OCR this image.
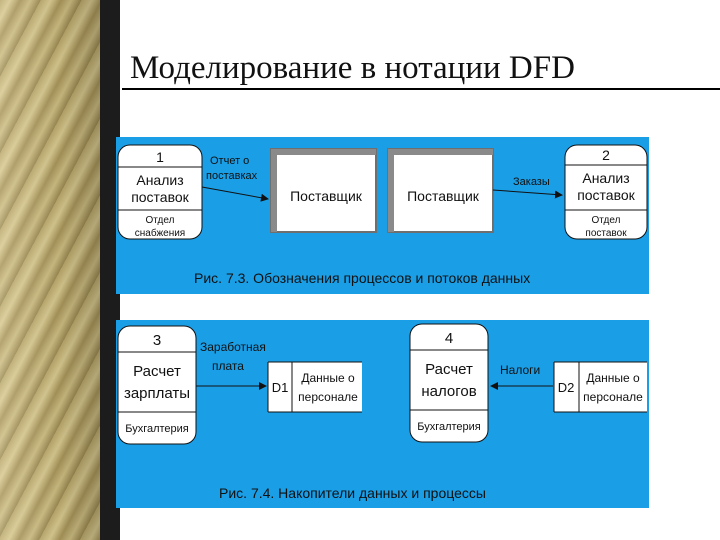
Моделирование в нотации DFD
1
Анализ
поставок
Отдел
снабжения
Отчет о
поставках
Поставщик	Поставщик
Заказы
2
Анализ
поставок
Отдел
поставок
Рис. 7.3. Обозначения процессов и потоков данных
3
Расчет
зарплаты
Бухгалтерия
Заработная
плата
D1
Данные о
персонале
4
Расчет
налогов
Бухгалтерия
Налоги
D2
Данные о
персонале
Рис. 7.4. Накопители данных и процессы
